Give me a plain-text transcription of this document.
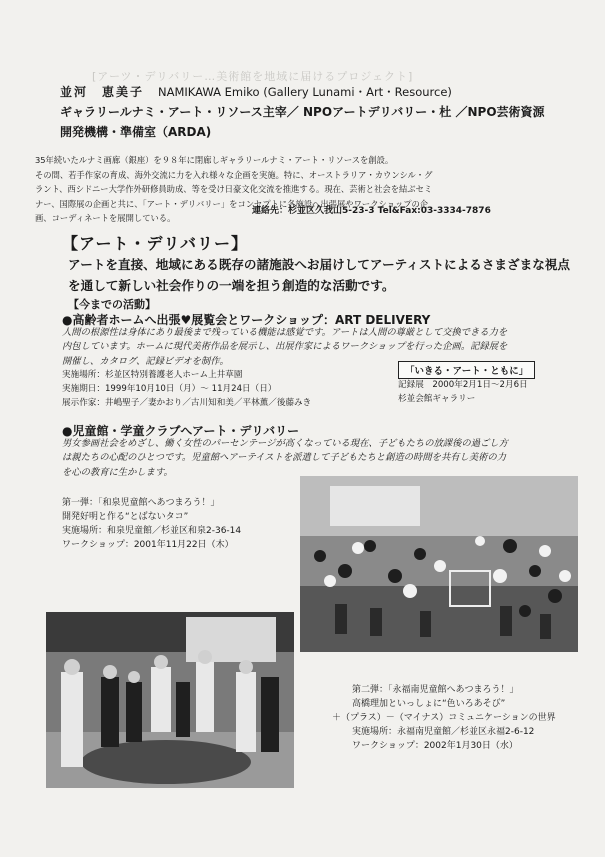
[アーツ・デリバリー…美術館を地域に届けるプロジェクト]
並河　恵美子 NAMIKAWA Emiko (Gallery Lunami・Art・Resource)
ギャラリールナミ・アート・リソース主宰／ NPOアートデリバリー・杜 ／NPO芸術資源
開発機構・準備室（ARDA)

35年続いたルナミ画廊（銀座）を９８年に閉廊しギャラリールナミ・アート・リソースを創設。

その間、若手作家の育成、海外交流に力を入れ様々な企画を実施。特に、オーストラリア・カウンシル・グ

ラント、西シドニー大学作外研修員助成、等を受け日豪文化交流を推進する。現在、芸術と社会を結ぶセミ

ナー、国際展の企画と共に、「アート・デリバリー」をコンセプトに各施設へ出張展やワークショップの企

画、コーディネートを展開している。

連絡先：杉並区久我山5-23-3 Tel&Fax:03-3334-7876
【アート・デリバリー】

アートを直接、地域にある既存の諸施設へお届けしてアーティストによるさまざまな視点

を通して新しい社会作りの一端を担う創造的な活動です。

【今までの活動】
●高齢者ホームへ出張♥展覧会とワークショップ：ART DELIVERY

人間の根源性は身体にあり最後まで残っている機能は感覚です。アートは人間の尊厳として交換できる力を

内包しています。ホームに現代美術作品を展示し、出展作家によるワークショップを行った企画。記録展を

開催し、カタログ、記録ビデオを制作。

実施場所：杉並区特別養護老人ホーム上井草園

実施期日：1999年10月10日（月）～ 11月24日（日）

展示作家：井嶋聖子／妻かおり／古川知和美／平林薫／後藤みき

「いきる・アート・ともに」

記録展　2000年2月1日～2月6日

杉並会館ギャラリー

●児童館・学童クラブへアート・デリバリー

男女参画社会をめざし、働く女性のパーセンテージが高くなっている現在、子どもたちの放課後の過ごし方

は親たちの心配のひとつです。児童館へアーテイストを派遣して子どもたちと創造の時間を共有し美術の力

を心の教育に生かします。

第一弾：「和泉児童館へあつまろう！」

開発好明と作る“とばないタコ”

実施場所：和泉児童館／杉並区和泉2-36-14

ワークショップ：2001年11月22日（木）

第二弾：「永福南児童館へあつまろう！」

高橋理加といっしょに“色いろあそび”

＋（プラス）－（マイナス）コミュニケーションの世界

実施場所：永福南児童館／杉並区永福2-6-12

ワークショップ：2002年1月30日（水）
